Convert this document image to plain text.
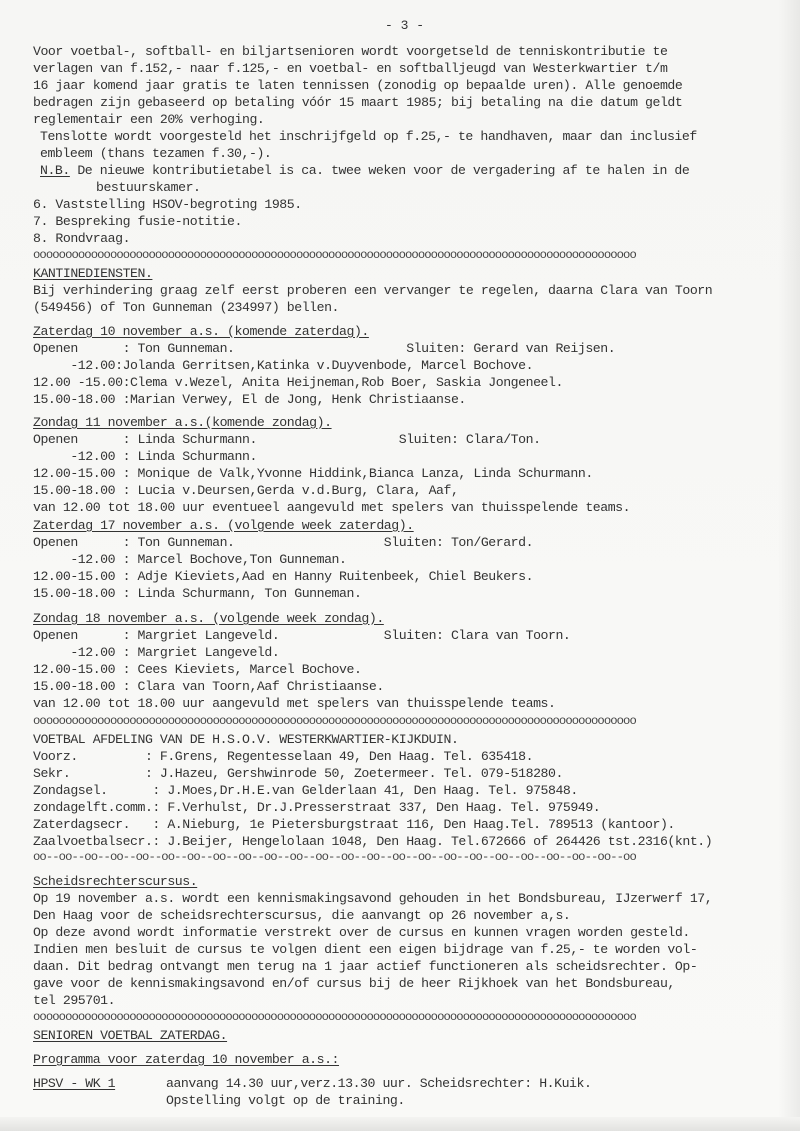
- 3 -
Voor voetbal-, softball- en biljartsenioren wordt voorgetseld de tenniskontributie te
verlagen van f.152,- naar f.125,- en voetbal- en softballjeugd van Westerkwartier t/m
16 jaar komend jaar gratis te laten tennissen (zonodig op bepaalde uren). Alle genoemde
bedragen zijn gebaseerd op betaling vóór 15 maart 1985; bij betaling na die datum geldt
reglementair een 20% verhoging.
Tenslotte wordt voorgesteld het inschrijfgeld op f.25,- te handhaven, maar dan inclusief
embleem (thans tezamen f.30,-).
N.B. De nieuwe kontributietabel is ca. twee weken voor de vergadering af te halen in de
bestuurskamer.
6. Vaststelling HSOV-begroting 1985.
7. Bespreking fusie-notitie.
8. Rondvraag.
oooooooooooooooooooooooooooooooooooooooooooooooooooooooooooooooooooooooooooooooooooooooooooooo
KANTINEDIENSTEN.
Bij verhindering graag zelf eerst proberen een vervanger te regelen, daarna Clara van Toorn
(549456) of Ton Gunneman (234997) bellen.
Zaterdag 10 november a.s. (komende zaterdag).
Openen      : Ton Gunneman.                       Sluiten: Gerard van Reijsen.
-12.00:Jolanda Gerritsen,Katinka v.Duyvenbode, Marcel Bochove.
12.00 -15.00:Clema v.Wezel, Anita Heijneman,Rob Boer, Saskia Jongeneel.
15.00-18.00 :Marian Verwey, El de Jong, Henk Christiaanse.
Zondag 11 november a.s.(komende zondag).
Openen      : Linda Schurmann.                   Sluiten: Clara/Ton.
-12.00 : Linda Schurmann.
12.00-15.00 : Monique de Valk,Yvonne Hiddink,Bianca Lanza, Linda Schurmann.
15.00-18.00 : Lucia v.Deursen,Gerda v.d.Burg, Clara, Aaf,
van 12.00 tot 18.00 uur eventueel aangevuld met spelers van thuisspelende teams.
Zaterdag 17 november a.s. (volgende week zaterdag).
Openen      : Ton Gunneman.                    Sluiten: Ton/Gerard.
-12.00 : Marcel Bochove,Ton Gunneman.
12.00-15.00 : Adje Kieviets,Aad en Hanny Ruitenbeek, Chiel Beukers.
15.00-18.00 : Linda Schurmann, Ton Gunneman.
Zondag 18 november a.s. (volgende week zondag).
Openen      : Margriet Langeveld.              Sluiten: Clara van Toorn.
-12.00 : Margriet Langeveld.
12.00-15.00 : Cees Kieviets, Marcel Bochove.
15.00-18.00 : Clara van Toorn,Aaf Christiaanse.
van 12.00 tot 18.00 uur aangevuld met spelers van thuisspelende teams.
oooooooooooooooooooooooooooooooooooooooooooooooooooooooooooooooooooooooooooooooooooooooooooooo
VOETBAL AFDELING VAN DE H.S.O.V. WESTERKWARTIER-KIJKDUIN.
Voorz.         : F.Grens, Regentesselaan 49, Den Haag. Tel. 635418.
Sekr.          : J.Hazeu, Gershwinrode 50, Zoetermeer. Tel. 079-518280.
Zondagsel.      : J.Moes,Dr.H.E.van Gelderlaan 41, Den Haag. Tel. 975848.
zondagelft.comm.: F.Verhulst, Dr.J.Presserstraat 337, Den Haag. Tel. 975949.
Zaterdagsecr.   : A.Nieburg, 1e Pietersburgstraat 116, Den Haag.Tel. 789513 (kantoor).
Zaalvoetbalsecr.: J.Beijer, Hengelolaan 1048, Den Haag. Tel.672666 of 264426 tst.2316(knt.)
oo--oo--oo--oo--oo--oo--oo--oo--oo--oo--oo--oo--oo--oo--oo--oo--oo--oo--oo--oo--oo--oo--oo--oo
Scheidsrechterscursus.
Op 19 november a.s. wordt een kennismakingsavond gehouden in het Bondsbureau, IJzerwerf 17,
Den Haag voor de scheidsrechterscursus, die aanvangt op 26 november a,s.
Op deze avond wordt informatie verstrekt over de cursus en kunnen vragen worden gesteld.
Indien men besluit de cursus te volgen dient een eigen bijdrage van f.25,- te worden vol-
daan. Dit bedrag ontvangt men terug na 1 jaar actief functioneren als scheidsrechter. Op-
gave voor de kennismakingsavond en/of cursus bij de heer Rijkhoek van het Bondsbureau,
tel 295701.
oooooooooooooooooooooooooooooooooooooooooooooooooooooooooooooooooooooooooooooooooooooooooooooo
SENIOREN VOETBAL ZATERDAG.
Programma voor zaterdag 10 november a.s.:
HPSV - WK 1	aanvang 14.30 uur,verz.13.30 uur. Scheidsrechter: H.Kuik.
Opstelling volgt op de training.
